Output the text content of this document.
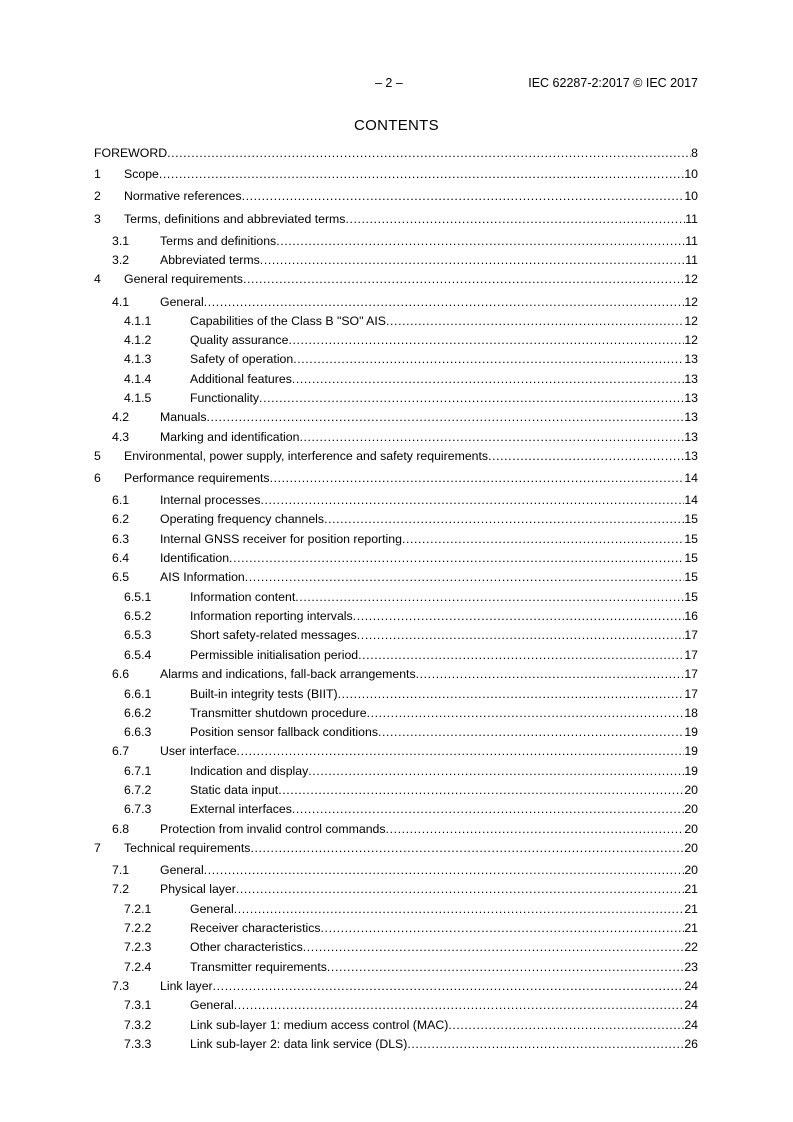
– 2 –	IEC 62287-2:2017 © IEC 2017
CONTENTS
FOREWORD .....	8
1	Scope .....	10
2	Normative references .....	10
3	Terms, definitions and abbreviated terms .....	11
3.1	Terms and definitions .....	11
3.2	Abbreviated terms .....	11
4	General requirements .....	12
4.1	General .....	12
4.1.1	Capabilities of the Class B "SO" AIS .....	12
4.1.2	Quality assurance .....	12
4.1.3	Safety of operation .....	13
4.1.4	Additional features .....	13
4.1.5	Functionality .....	13
4.2	Manuals .....	13
4.3	Marking and identification .....	13
5	Environmental, power supply, interference and safety requirements .....	13
6	Performance requirements .....	14
6.1	Internal processes .....	14
6.2	Operating frequency channels .....	15
6.3	Internal GNSS receiver for position reporting .....	15
6.4	Identification .....	15
6.5	AIS Information .....	15
6.5.1	Information content .....	15
6.5.2	Information reporting intervals .....	16
6.5.3	Short safety-related messages .....	17
6.5.4	Permissible initialisation period .....	17
6.6	Alarms and indications, fall-back arrangements .....	17
6.6.1	Built-in integrity tests (BIIT) .....	17
6.6.2	Transmitter shutdown procedure .....	18
6.6.3	Position sensor fallback conditions .....	19
6.7	User interface .....	19
6.7.1	Indication and display .....	19
6.7.2	Static data input .....	20
6.7.3	External interfaces .....	20
6.8	Protection from invalid control commands .....	20
7	Technical requirements .....	20
7.1	General .....	20
7.2	Physical layer .....	21
7.2.1	General .....	21
7.2.2	Receiver characteristics .....	21
7.2.3	Other characteristics .....	22
7.2.4	Transmitter requirements .....	23
7.3	Link layer .....	24
7.3.1	General .....	24
7.3.2	Link sub-layer 1: medium access control (MAC) .....	24
7.3.3	Link sub-layer 2: data link service (DLS) .....	26
